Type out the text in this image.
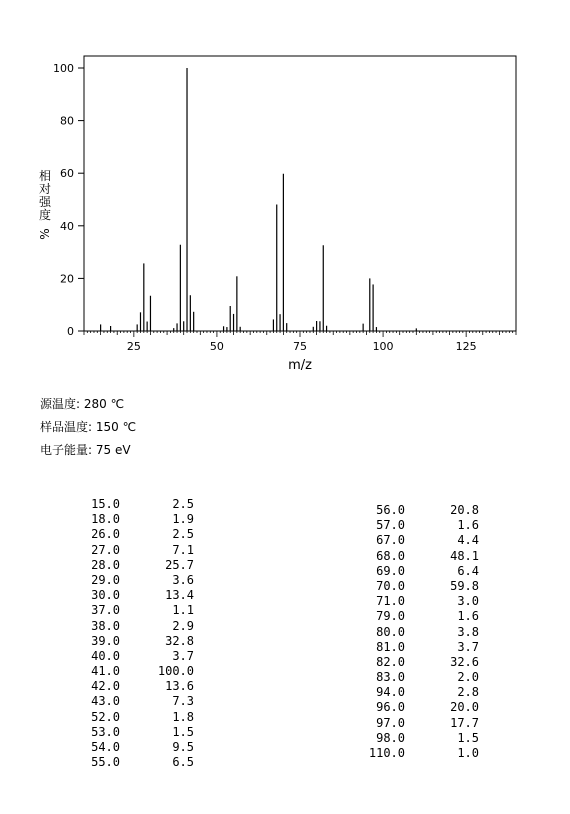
0
20
40
60
80
100
25	50	75	100	125
m/z
相
对
强
度
%
源温度: 280 ℃
样品温度: 150 ℃
电子能量: 75 eV
15.0	2.5
18.0	1.9
26.0	2.5
27.0	7.1
28.0	25.7
29.0	3.6
30.0	13.4
37.0	1.1
38.0	2.9
39.0	32.8
40.0	3.7
41.0	100.0
42.0	13.6
43.0	7.3
52.0	1.8
53.0	1.5
54.0	9.5
55.0	6.5
56.0	20.8
57.0	1.6
67.0	4.4
68.0	48.1
69.0	6.4
70.0	59.8
71.0	3.0
79.0	1.6
80.0	3.8
81.0	3.7
82.0	32.6
83.0	2.0
94.0	2.8
96.0	20.0
97.0	17.7
98.0	1.5
110.0	1.0
